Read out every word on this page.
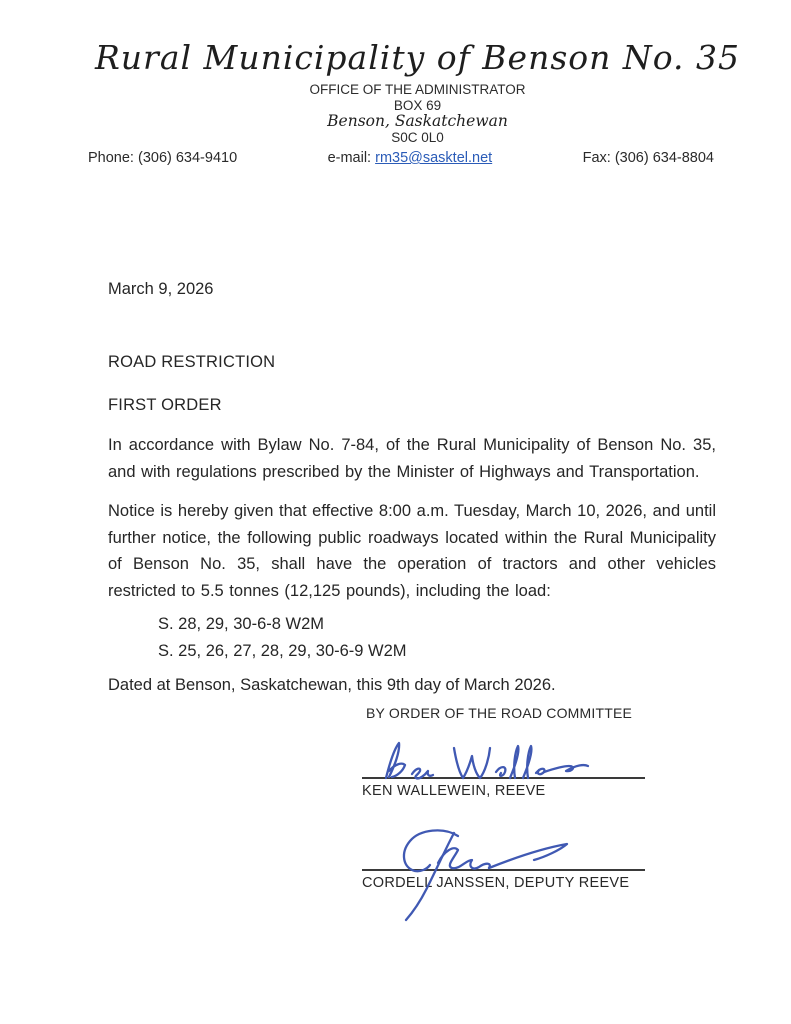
Rural Municipality of Benson No. 35
OFFICE OF THE ADMINISTRATOR
BOX 69
Benson, Saskatchewan
S0C 0L0
Phone: (306) 634-9410	e-mail: rm35@sasktel.net	Fax: (306) 634-8804
March 9, 2026
ROAD RESTRICTION
FIRST ORDER
In accordance with Bylaw No. 7-84, of the Rural Municipality of Benson No. 35, and with regulations prescribed by the Minister of Highways and Transportation.
Notice is hereby given that effective 8:00 a.m. Tuesday, March 10, 2026, and until further notice, the following public roadways located within the Rural Municipality of Benson No. 35, shall have the operation of tractors and other vehicles restricted to 5.5 tonnes (12,125 pounds), including the load:
S. 28, 29, 30-6-8 W2M
S. 25, 26, 27, 28, 29, 30-6-9 W2M
Dated at Benson, Saskatchewan, this 9th day of March 2026.
BY ORDER OF THE ROAD COMMITTEE
KEN WALLEWEIN, REEVE
CORDELL JANSSEN, DEPUTY REEVE
